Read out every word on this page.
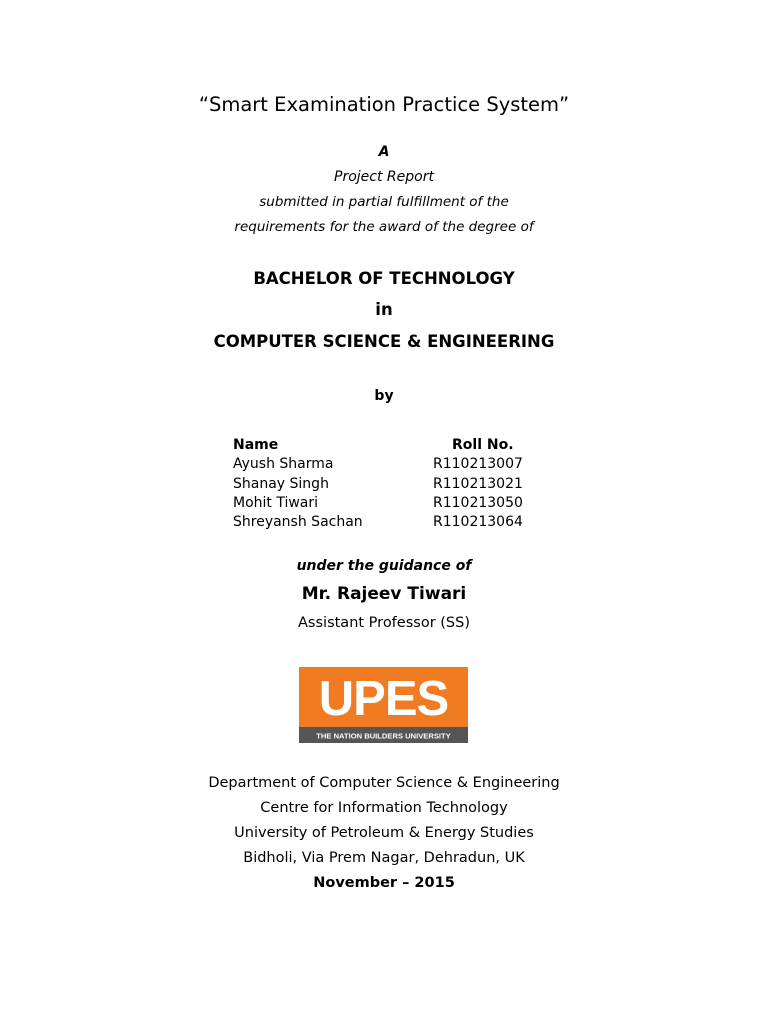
“Smart Examination Practice System”
A
Project Report
submitted in partial fulfillment of the
requirements for the award of the degree of
BACHELOR OF TECHNOLOGY
in
COMPUTER SCIENCE & ENGINEERING
by
Name	Roll No.
Ayush Sharma	R110213007
Shanay Singh	R110213021
Mohit Tiwari	R110213050
Shreyansh Sachan	R110213064
under the guidance of
Mr. Rajeev Tiwari
Assistant Professor (SS)
UPES
THE NATION BUILDERS UNIVERSITY
Department of Computer Science & Engineering
Centre for Information Technology
University of Petroleum & Energy Studies
Bidholi, Via Prem Nagar, Dehradun, UK
November – 2015
